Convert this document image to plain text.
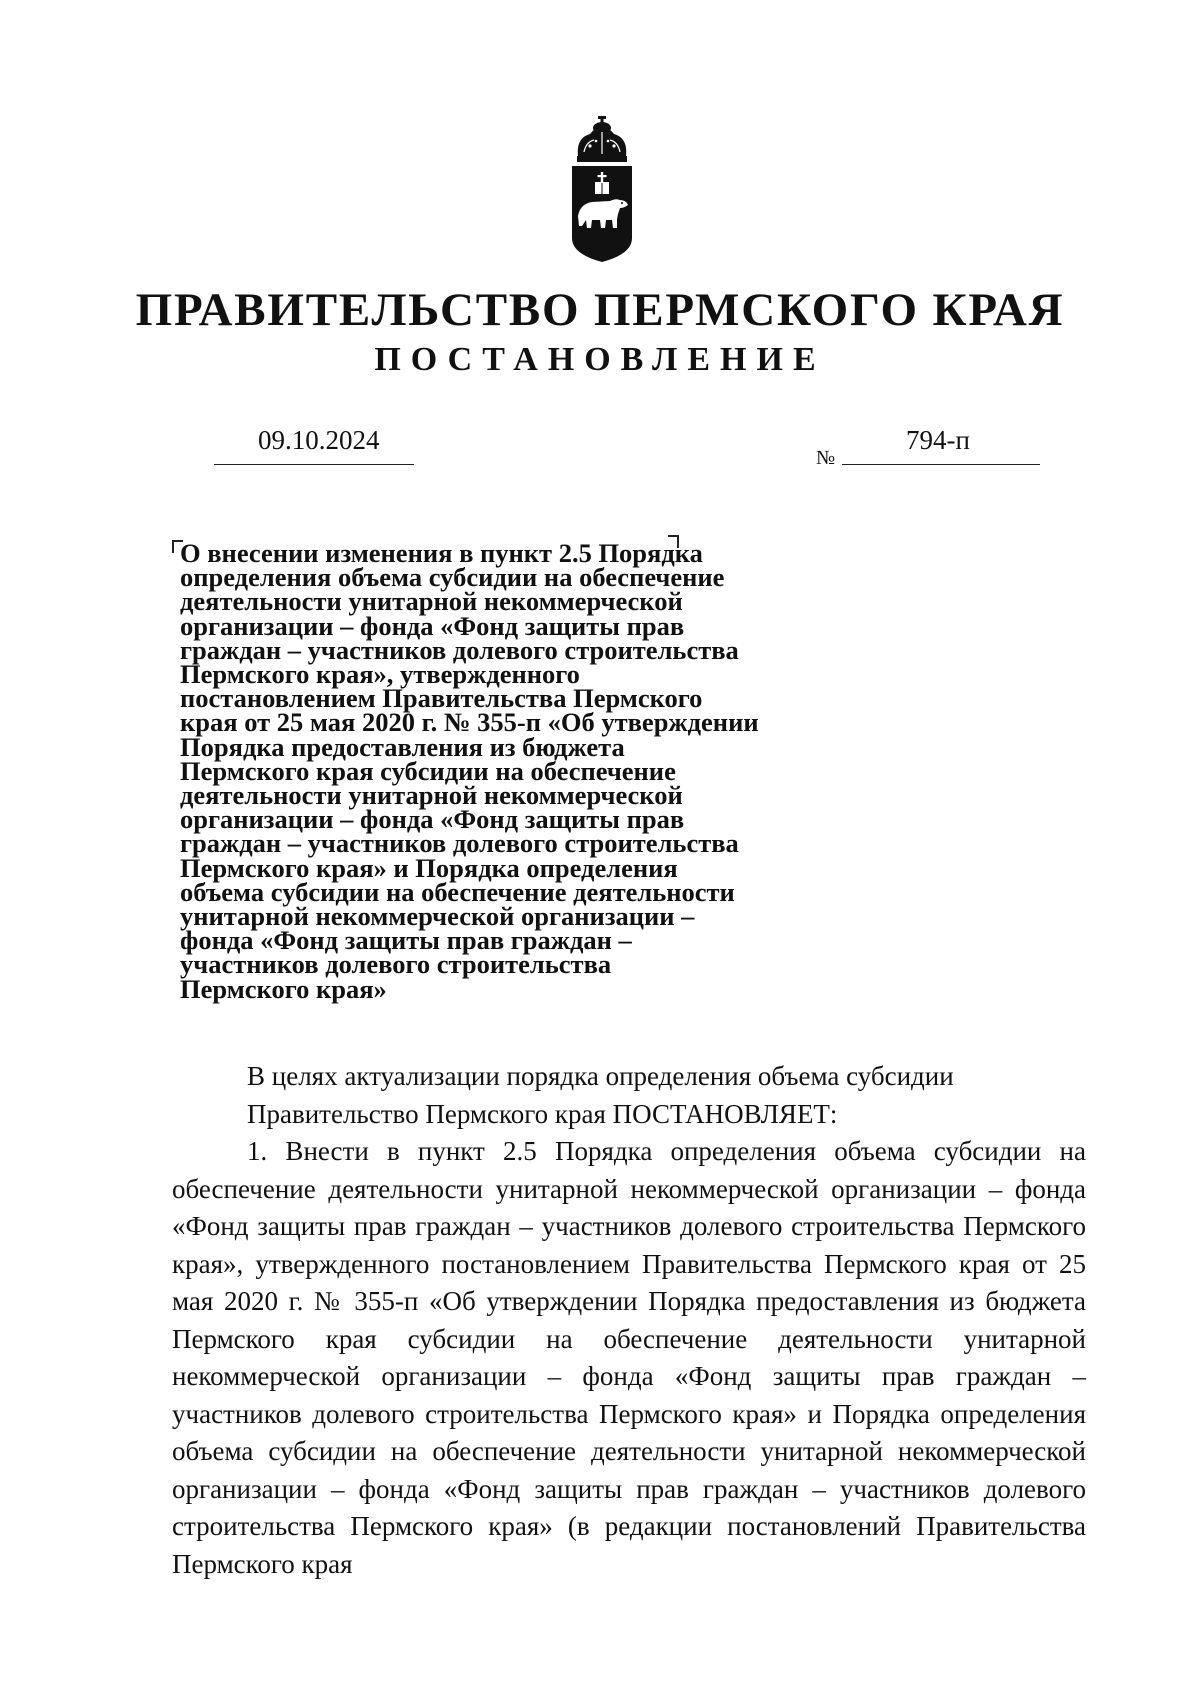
ПРАВИТЕЛЬСТВО ПЕРМСКОГО КРАЯ
ПОСТАНОВЛЕНИЕ
09.10.2024
№
794-п
О внесении изменения в пункт 2.5 Порядка
определения объема субсидии на обеспечение
деятельности унитарной некоммерческой
организации – фонда «Фонд защиты прав
граждан – участников долевого строительства
Пермского края», утвержденного
постановлением Правительства Пермского
края от 25 мая 2020 г. № 355-п «Об утверждении
Порядка предоставления из бюджета
Пермского края субсидии на обеспечение
деятельности унитарной некоммерческой
организации – фонда «Фонд защиты прав
граждан – участников долевого строительства
Пермского края» и Порядка определения
объема субсидии на обеспечение деятельности
унитарной некоммерческой организации –
фонда «Фонд защиты прав граждан –
участников долевого строительства
Пермского края»

В целях актуализации порядка определения объема субсидии

Правительство Пермского края ПОСТАНОВЛЯЕТ:

1. Внести в пункт 2.5 Порядка определения объема субсидии на обеспечение деятельности унитарной некоммерческой организации – фонда «Фонд защиты прав граждан – участников долевого строительства Пермского края», утвержденного постановлением Правительства Пермского края от 25 мая 2020 г. № 355-п «Об утверждении Порядка предоставления из бюджета Пермского края субсидии на обеспечение деятельности унитарной некоммерческой организации – фонда «Фонд защиты прав граждан – участников долевого строительства Пермского края» и Порядка определения объема субсидии на обеспечение деятельности унитарной некоммерческой организации – фонда «Фонд защиты прав граждан – участников долевого строительства Пермского края» (в редакции постановлений Правительства Пермского края
